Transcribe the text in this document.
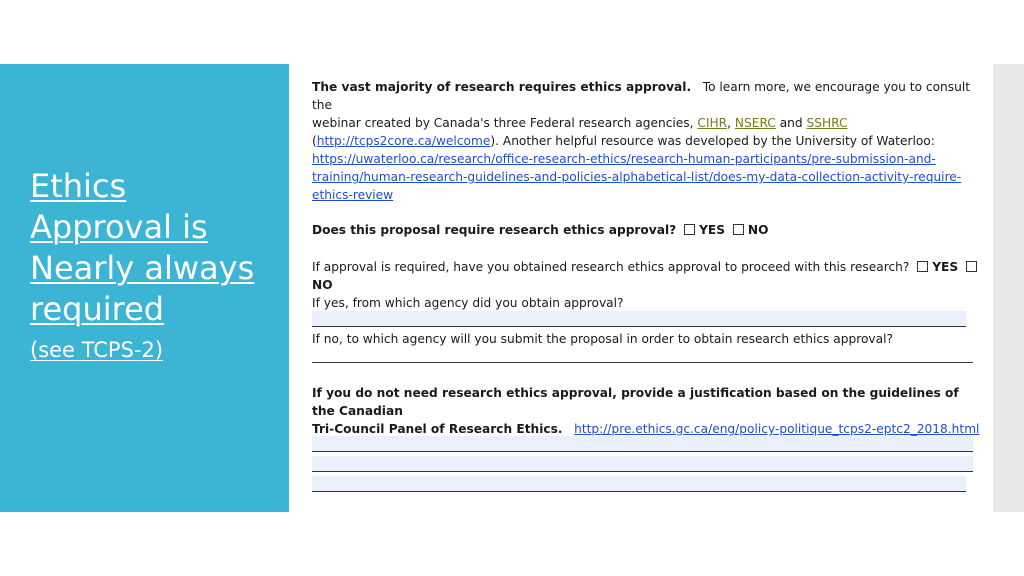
Ethics
Approval is
Nearly always
required
(see TCPS-2)
The vast majority of research requires ethics approval. To learn more, we encourage you to consult the
webinar created by Canada's three Federal research agencies, CIHR, NSERC and SSHRC
(http://tcps2core.ca/welcome). Another helpful resource was developed by the University of Waterloo:
https://uwaterloo.ca/research/office-research-ethics/research-human-participants/pre-submission-and-
training/human-research-guidelines-and-policies-alphabetical-list/does-my-data-collection-activity-require-
ethics-review
Does this proposal require research ethics approval? YES NO
If approval is required, have you obtained research ethics approval to proceed with this research? YES NO
If yes, from which agency did you obtain approval?
If no, to which agency will you submit the proposal in order to obtain research ethics approval?
If you do not need research ethics approval, provide a justification based on the guidelines of the Canadian
Tri-Council Panel of Research Ethics. http://pre.ethics.gc.ca/eng/policy-politique_tcps2-eptc2_2018.html
